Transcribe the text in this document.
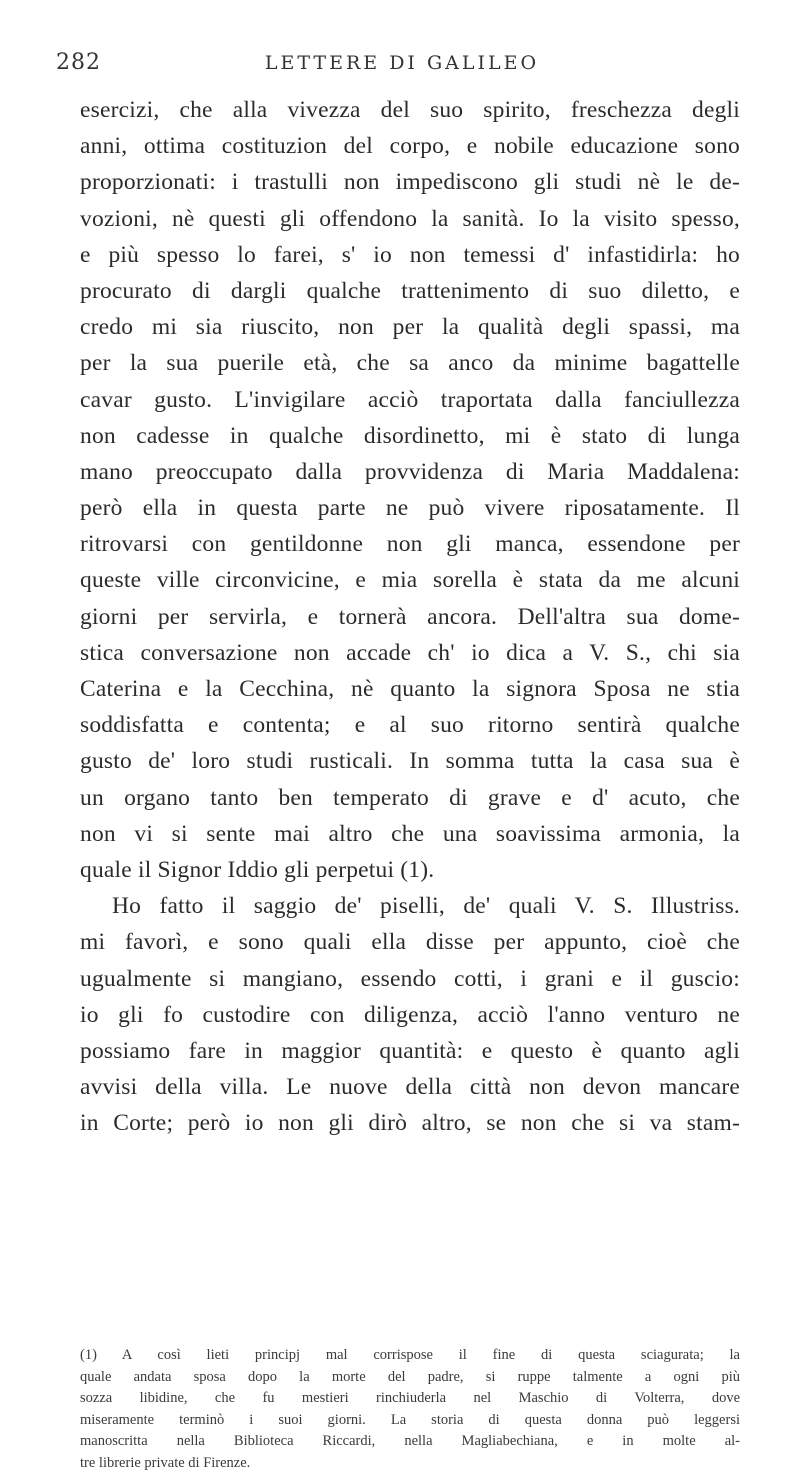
282	LETTERE DI GALILEO
esercizi, che alla vivezza del suo spirito, freschezza degli
anni, ottima costituzion del corpo, e nobile educazione sono
proporzionati: i trastulli non impediscono gli studi nè le de-
vozioni, nè questi gli offendono la sanità. Io la visito spesso,
e più spesso lo farei, s' io non temessi d' infastidirla: ho
procurato di dargli qualche trattenimento di suo diletto, e
credo mi sia riuscito, non per la qualità degli spassi, ma
per la sua puerile età, che sa anco da minime bagattelle
cavar gusto. L'invigilare acciò traportata dalla fanciullezza
non cadesse in qualche disordinetto, mi è stato di lunga
mano preoccupato dalla provvidenza di Maria Maddalena:
però ella in questa parte ne può vivere riposatamente. Il
ritrovarsi con gentildonne non gli manca, essendone per
queste ville circonvicine, e mia sorella è stata da me alcuni
giorni per servirla, e tornerà ancora. Dell'altra sua dome-
stica conversazione non accade ch' io dica a V. S., chi sia
Caterina e la Cecchina, nè quanto la signora Sposa ne stia
soddisfatta e contenta; e al suo ritorno sentirà qualche
gusto de' loro studi rusticali. In somma tutta la casa sua è
un organo tanto ben temperato di grave e d' acuto, che
non vi si sente mai altro che una soavissima armonia, la
quale il Signor Iddio gli perpetui (1).
Ho fatto il saggio de' piselli, de' quali V. S. Illustriss.
mi favorì, e sono quali ella disse per appunto, cioè che
ugualmente si mangiano, essendo cotti, i grani e il guscio:
io gli fo custodire con diligenza, acciò l'anno venturo ne
possiamo fare in maggior quantità: e questo è quanto agli
avvisi della villa. Le nuove della città non devon mancare
in Corte; però io non gli dirò altro, se non che si va stam-
(1) A così lieti principj mal corrispose il fine di questa sciagurata; la
quale andata sposa dopo la morte del padre, si ruppe talmente a ogni più
sozza libidine, che fu mestieri rinchiuderla nel Maschio di Volterra, dove
miseramente terminò i suoi giorni. La storia di questa donna può leggersi
manoscritta nella Biblioteca Riccardi, nella Magliabechiana, e in molte al-
tre librerie private di Firenze.
